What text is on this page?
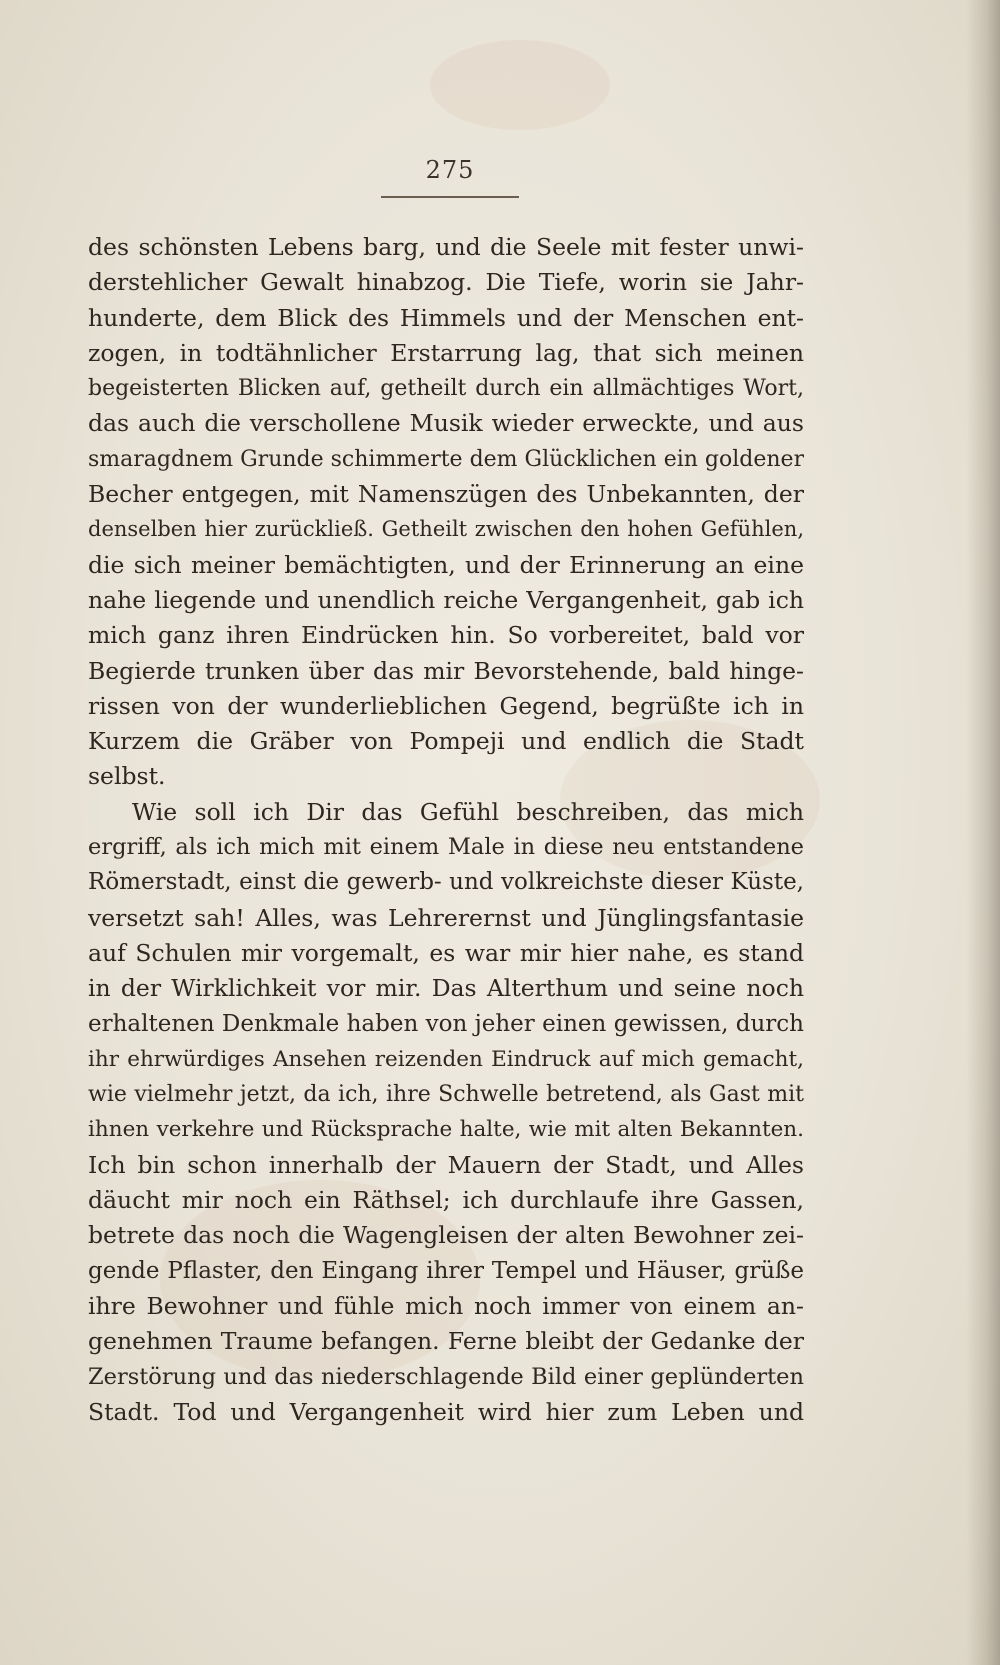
275
des schönsten Lebens barg, und die Seele mit fester unwi-
derstehlicher Gewalt hinabzog. Die Tiefe, worin sie Jahr-
hunderte, dem Blick des Himmels und der Menschen ent-
zogen, in todtähnlicher Erstarrung lag, that sich meinen
begeisterten Blicken auf, getheilt durch ein allmächtiges Wort,
das auch die verschollene Musik wieder erweckte, und aus
smaragdnem Grunde schimmerte dem Glücklichen ein goldener
Becher entgegen, mit Namenszügen des Unbekannten, der
denselben hier zurückließ. Getheilt zwischen den hohen Gefühlen,
die sich meiner bemächtigten, und der Erinnerung an eine
nahe liegende und unendlich reiche Vergangenheit, gab ich
mich ganz ihren Eindrücken hin. So vorbereitet, bald vor
Begierde trunken über das mir Bevorstehende, bald hinge-
rissen von der wunderlieblichen Gegend, begrüßte ich in
Kurzem die Gräber von Pompeji und endlich die Stadt
selbst.
Wie soll ich Dir das Gefühl beschreiben, das mich
ergriff, als ich mich mit einem Male in diese neu entstandene
Römerstadt, einst die gewerb- und volkreichste dieser Küste,
versetzt sah! Alles, was Lehrerernst und Jünglingsfantasie
auf Schulen mir vorgemalt, es war mir hier nahe, es stand
in der Wirklichkeit vor mir. Das Alterthum und seine noch
erhaltenen Denkmale haben von jeher einen gewissen, durch
ihr ehrwürdiges Ansehen reizenden Eindruck auf mich gemacht,
wie vielmehr jetzt, da ich, ihre Schwelle betretend, als Gast mit
ihnen verkehre und Rücksprache halte, wie mit alten Bekannten.
Ich bin schon innerhalb der Mauern der Stadt, und Alles
däucht mir noch ein Räthsel; ich durchlaufe ihre Gassen,
betrete das noch die Wagengleisen der alten Bewohner zei-
gende Pflaster, den Eingang ihrer Tempel und Häuser, grüße
ihre Bewohner und fühle mich noch immer von einem an-
genehmen Traume befangen. Ferne bleibt der Gedanke der
Zerstörung und das niederschlagende Bild einer geplünderten
Stadt. Tod und Vergangenheit wird hier zum Leben und
